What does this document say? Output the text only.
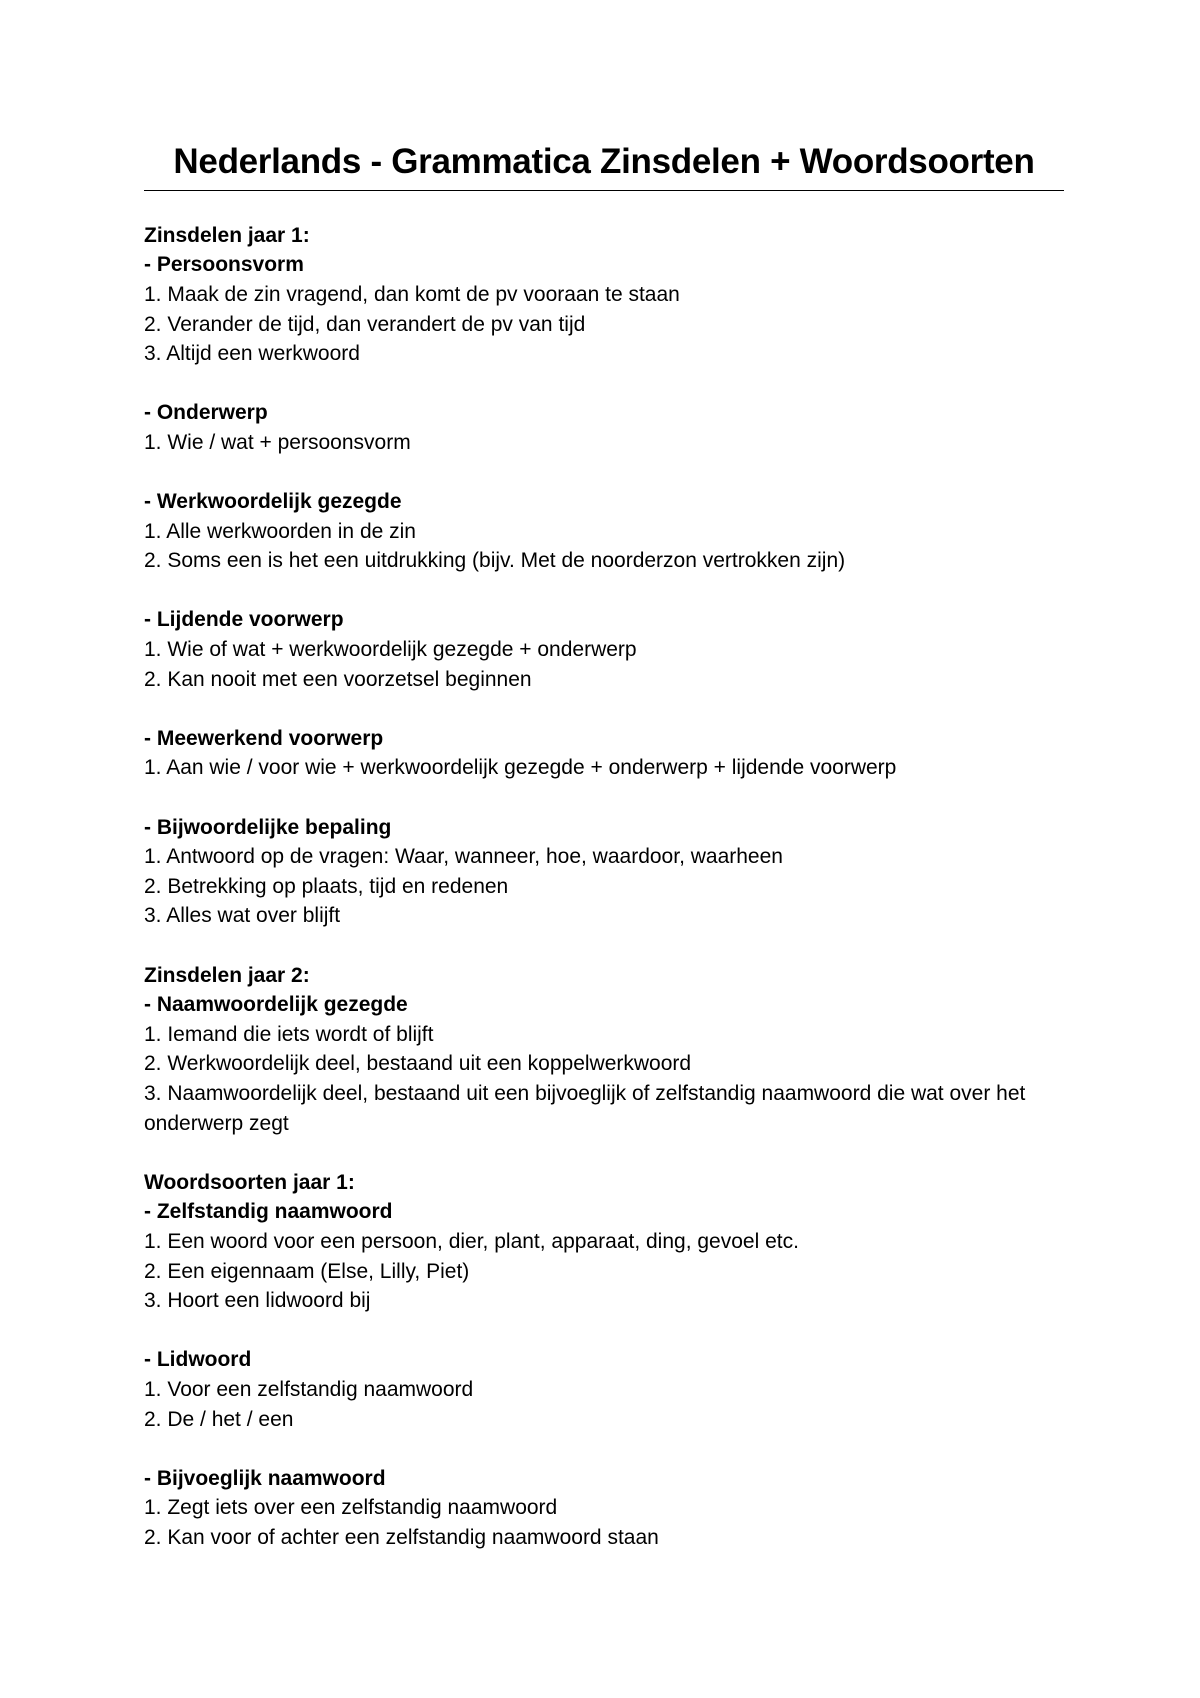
Nederlands - Grammatica Zinsdelen + Woordsoorten
Zinsdelen jaar 1:
- Persoonsvorm
1. Maak de zin vragend, dan komt de pv vooraan te staan
2. Verander de tijd, dan verandert de pv van tijd
3. Altijd een werkwoord
- Onderwerp
1. Wie / wat + persoonsvorm
- Werkwoordelijk gezegde
1. Alle werkwoorden in de zin
2. Soms een is het een uitdrukking (bijv. Met de noorderzon vertrokken zijn)
- Lijdende voorwerp
1. Wie of wat + werkwoordelijk gezegde + onderwerp
2. Kan nooit met een voorzetsel beginnen
- Meewerkend voorwerp
1. Aan wie / voor wie + werkwoordelijk gezegde + onderwerp + lijdende voorwerp
- Bijwoordelijke bepaling
1. Antwoord op de vragen: Waar, wanneer, hoe, waardoor, waarheen
2. Betrekking op plaats, tijd en redenen
3. Alles wat over blijft
Zinsdelen jaar 2:
- Naamwoordelijk gezegde
1. Iemand die iets wordt of blijft
2. Werkwoordelijk deel, bestaand uit een koppelwerkwoord
3. Naamwoordelijk deel, bestaand uit een bijvoeglijk of zelfstandig naamwoord die wat over het onderwerp zegt
Woordsoorten jaar 1:
- Zelfstandig naamwoord
1. Een woord voor een persoon, dier, plant, apparaat, ding, gevoel etc.
2. Een eigennaam (Else, Lilly, Piet)
3. Hoort een lidwoord bij
- Lidwoord
1. Voor een zelfstandig naamwoord
2. De / het / een
- Bijvoeglijk naamwoord
1. Zegt iets over een zelfstandig naamwoord
2. Kan voor of achter een zelfstandig naamwoord staan
